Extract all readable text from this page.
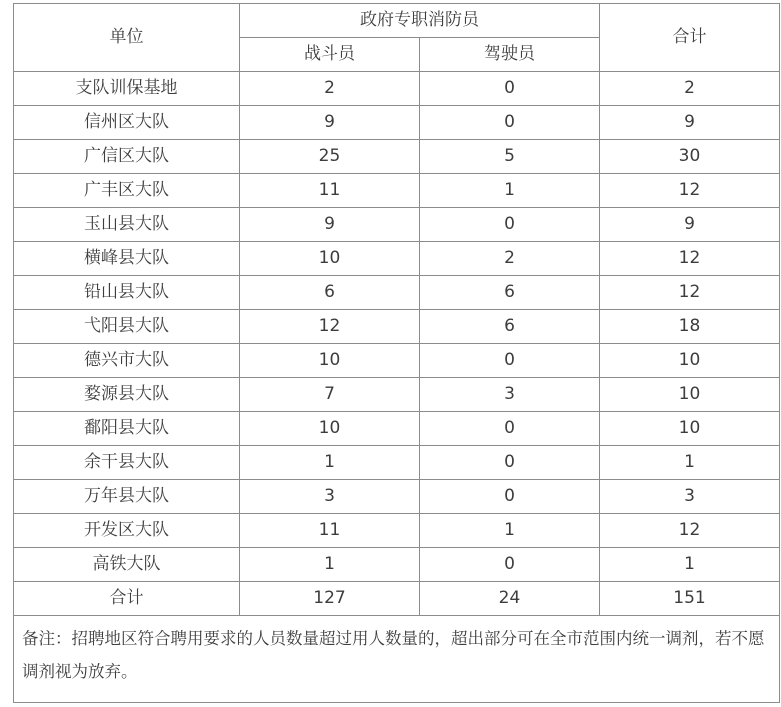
单位	政府专职消防员		合计
	战斗员	驾驶员	
支队训保基地	2	0	2
信州区大队	9	0	9
广信区大队	25	5	30
广丰区大队	11	1	12
玉山县大队	9	0	9
横峰县大队	10	2	12
铅山县大队	6	6	12
弋阳县大队	12	6	18
德兴市大队	10	0	10
婺源县大队	7	3	10
鄱阳县大队	10	0	10
余干县大队	1	0	1
万年县大队	3	0	3
开发区大队	11	1	12
高铁大队	1	0	1
合计	127	24	151
备注：招聘地区符合聘用要求的人员数量超过用人数量的，超出部分可在全市范围内统一调剂，若不愿调剂视为放弃。			
